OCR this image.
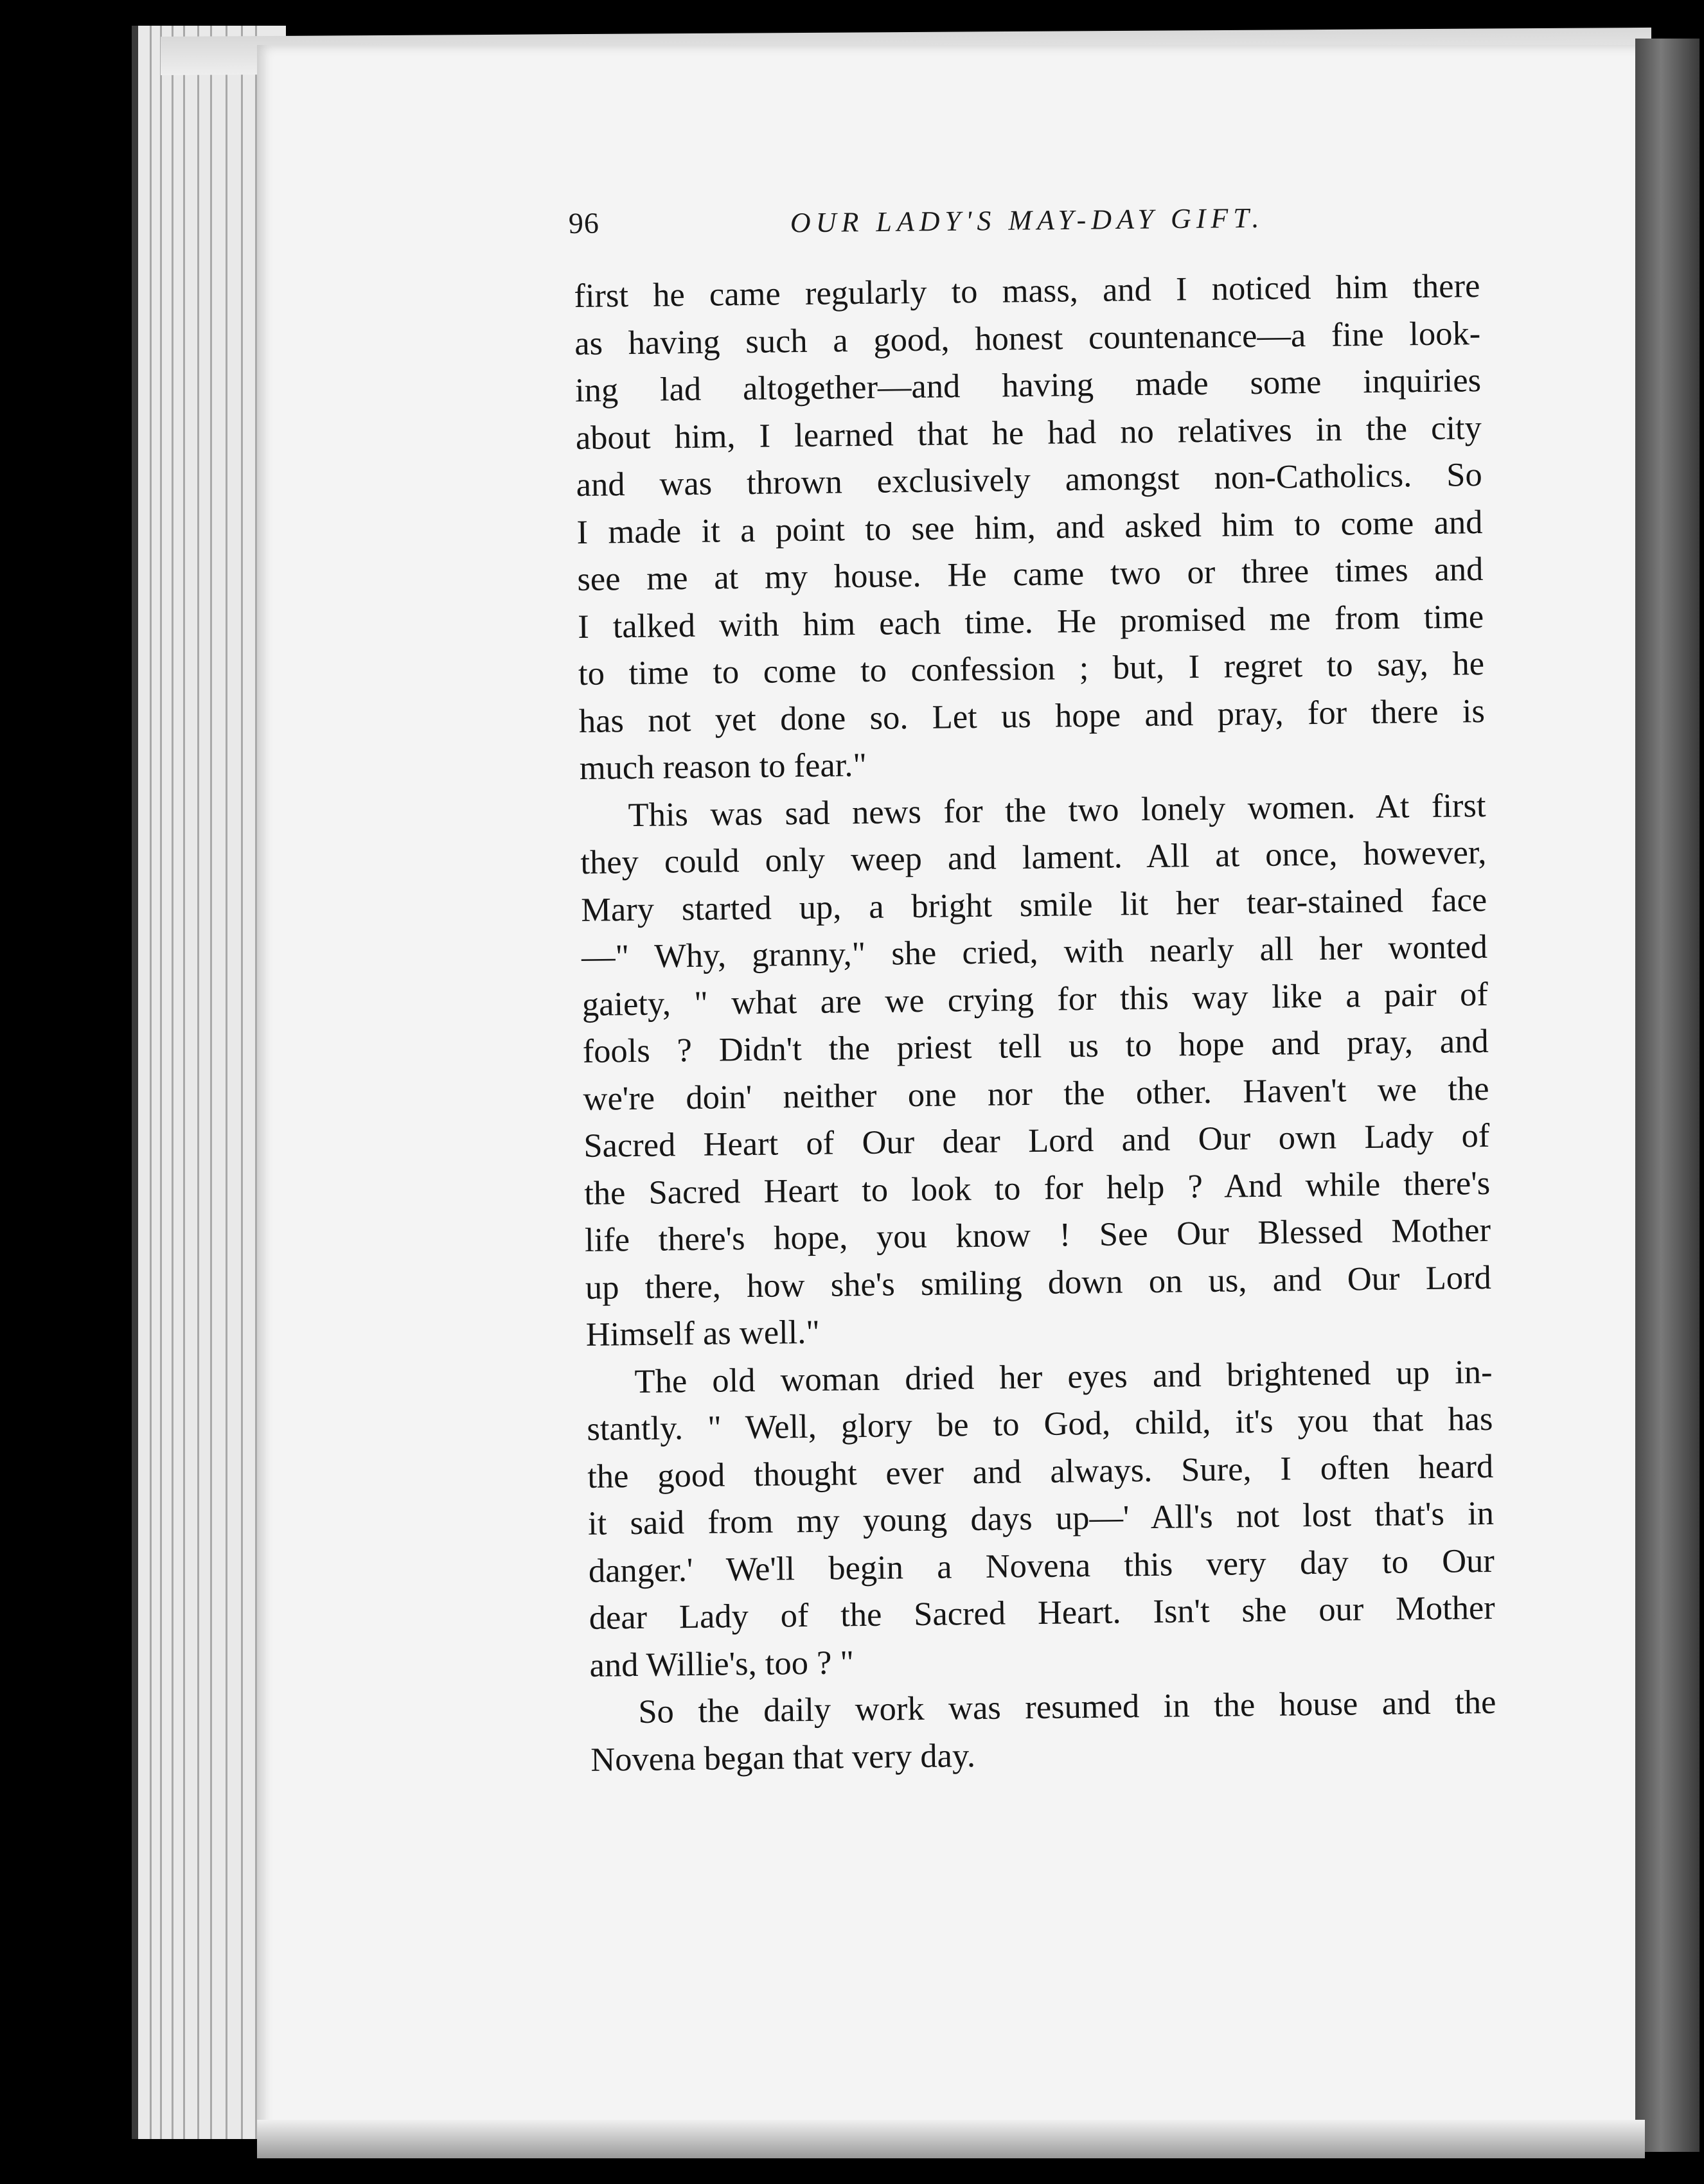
96	OUR LADY'S MAY-DAY GIFT.
first he came regularly to mass, and I noticed him there
as having such a good, honest countenance—a fine look-
ing lad altogether—and having made some inquiries
about him, I learned that he had no relatives in the city
and was thrown exclusively amongst non-Catholics. So
I made it a point to see him, and asked him to come and
see me at my house. He came two or three times and
I talked with him each time. He promised me from time
to time to come to confession ; but, I regret to say, he
has not yet done so. Let us hope and pray, for there is
much reason to fear."
This was sad news for the two lonely women. At first
they could only weep and lament. All at once, however,
Mary started up, a bright smile lit her tear-stained face
—" Why, granny," she cried, with nearly all her wonted
gaiety, " what are we crying for this way like a pair of
fools ? Didn't the priest tell us to hope and pray, and
we're doin' neither one nor the other. Haven't we the
Sacred Heart of Our dear Lord and Our own Lady of
the Sacred Heart to look to for help ? And while there's
life there's hope, you know ! See Our Blessed Mother
up there, how she's smiling down on us, and Our Lord
Himself as well."
The old woman dried her eyes and brightened up in-
stantly. " Well, glory be to God, child, it's you that has
the good thought ever and always. Sure, I often heard
it said from my young days up—' All's not lost that's in
danger.' We'll begin a Novena this very day to Our
dear Lady of the Sacred Heart. Isn't she our Mother
and Willie's, too ? "
So the daily work was resumed in the house and the
Novena began that very day.
